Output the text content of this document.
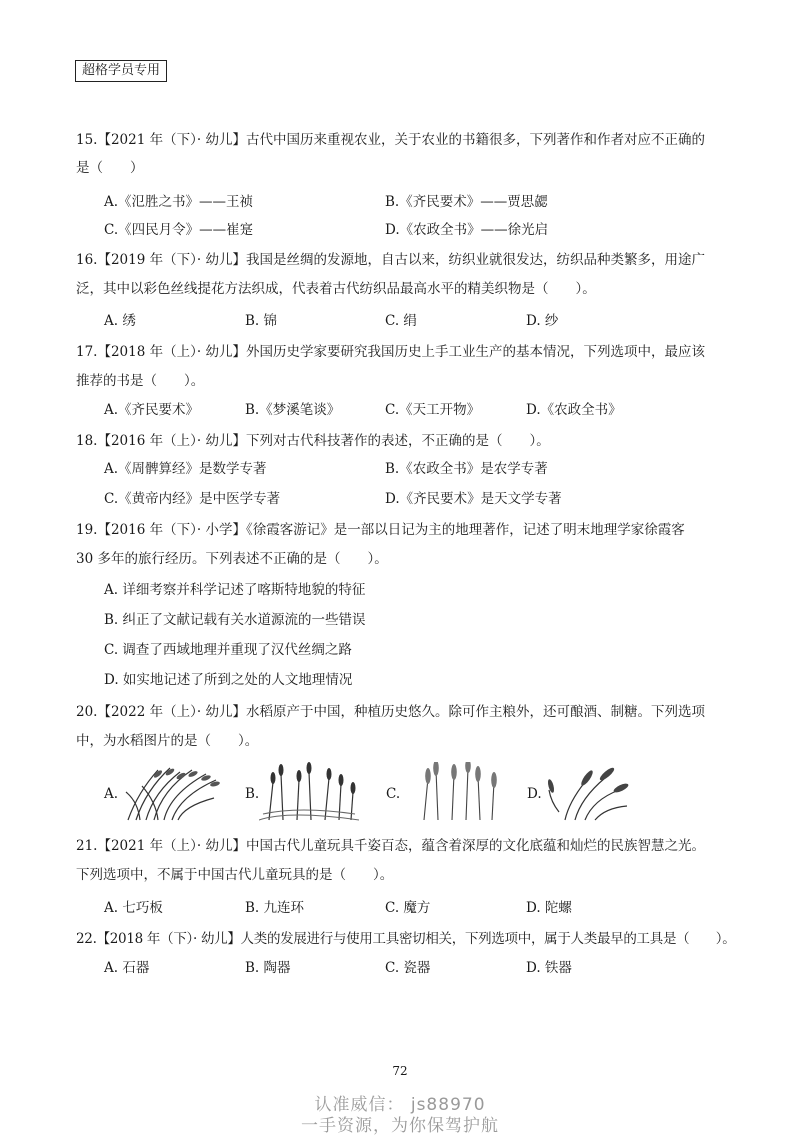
超格学员专用
15.【2021 年（下）· 幼儿】古代中国历来重视农业，关于农业的书籍很多，下列著作和作者对应不正确的
是（　　）
A.《氾胜之书》——王祯	B.《齐民要术》——贾思勰
C.《四民月令》——崔寔	D.《农政全书》——徐光启
16.【2019 年（下）· 幼儿】我国是丝绸的发源地，自古以来，纺织业就很发达，纺织品种类繁多，用途广
泛，其中以彩色丝线提花方法织成，代表着古代纺织品最高水平的精美织物是（　　）。
A. 绣	B. 锦	C. 绢	D. 纱
17.【2018 年（上）· 幼儿】外国历史学家要研究我国历史上手工业生产的基本情况，下列选项中，最应该
推荐的书是（　　）。
A.《齐民要术》	B.《梦溪笔谈》	C.《天工开物》	D.《农政全书》
18.【2016 年（上）· 幼儿】下列对古代科技著作的表述，不正确的是（　　）。
A.《周髀算经》是数学专著	B.《农政全书》是农学专著
C.《黄帝内经》是中医学专著	D.《齐民要术》是天文学专著
19.【2016 年（下）· 小学】《徐霞客游记》是一部以日记为主的地理著作，记述了明末地理学家徐霞客
30 多年的旅行经历。下列表述不正确的是（　　）。
A. 详细考察并科学记述了喀斯特地貌的特征
B. 纠正了文献记载有关水道源流的一些错误
C. 调查了西域地理并重现了汉代丝绸之路
D. 如实地记述了所到之处的人文地理情况
20.【2022 年（上）· 幼儿】水稻原产于中国，种植历史悠久。除可作主粮外，还可酿酒、制糖。下列选项
中，为水稻图片的是（　　）。
A.	B.	C.	D.
21.【2021 年（上）· 幼儿】中国古代儿童玩具千姿百态，蕴含着深厚的文化底蕴和灿烂的民族智慧之光。
下列选项中，不属于中国古代儿童玩具的是（　　）。
A. 七巧板	B. 九连环	C. 魔方	D. 陀螺
22.【2018 年（下）· 幼儿】人类的发展进行与使用工具密切相关，下列选项中，属于人类最早的工具是（　　）。
A. 石器	B. 陶器	C. 瓷器	D. 铁器
72
认准威信： js88970
一手资源，为你保驾护航
